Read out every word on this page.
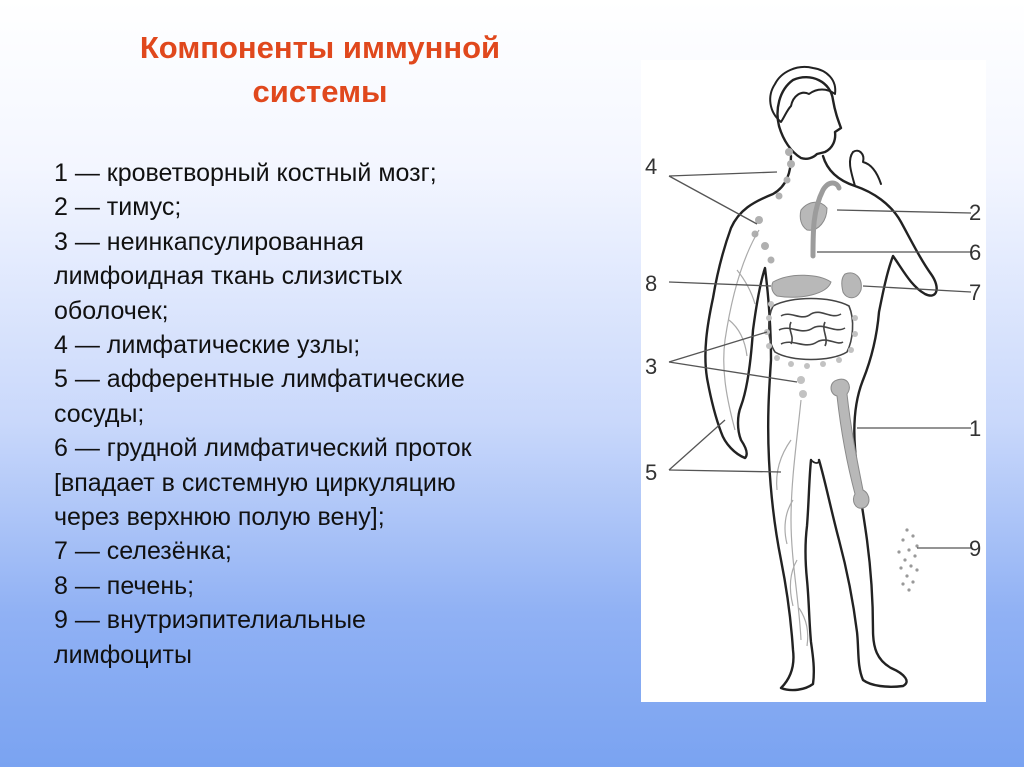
Компоненты иммунной
системы
1 — кроветворный костный мозг;
2 — тимус;
3 — неинкапсулированная
лимфоидная ткань слизистых
оболочек;
4 — лимфатические узлы;
5 — афферентные лимфатические
сосуды;
6 — грудной лимфатический проток
[впадает в системную циркуляцию
через верхнюю полую вену];
7 — селезёнка;
8 — печень;
9 — внутриэпителиальные
лимфоциты
4
2
6
8	7
3
1
5
9
